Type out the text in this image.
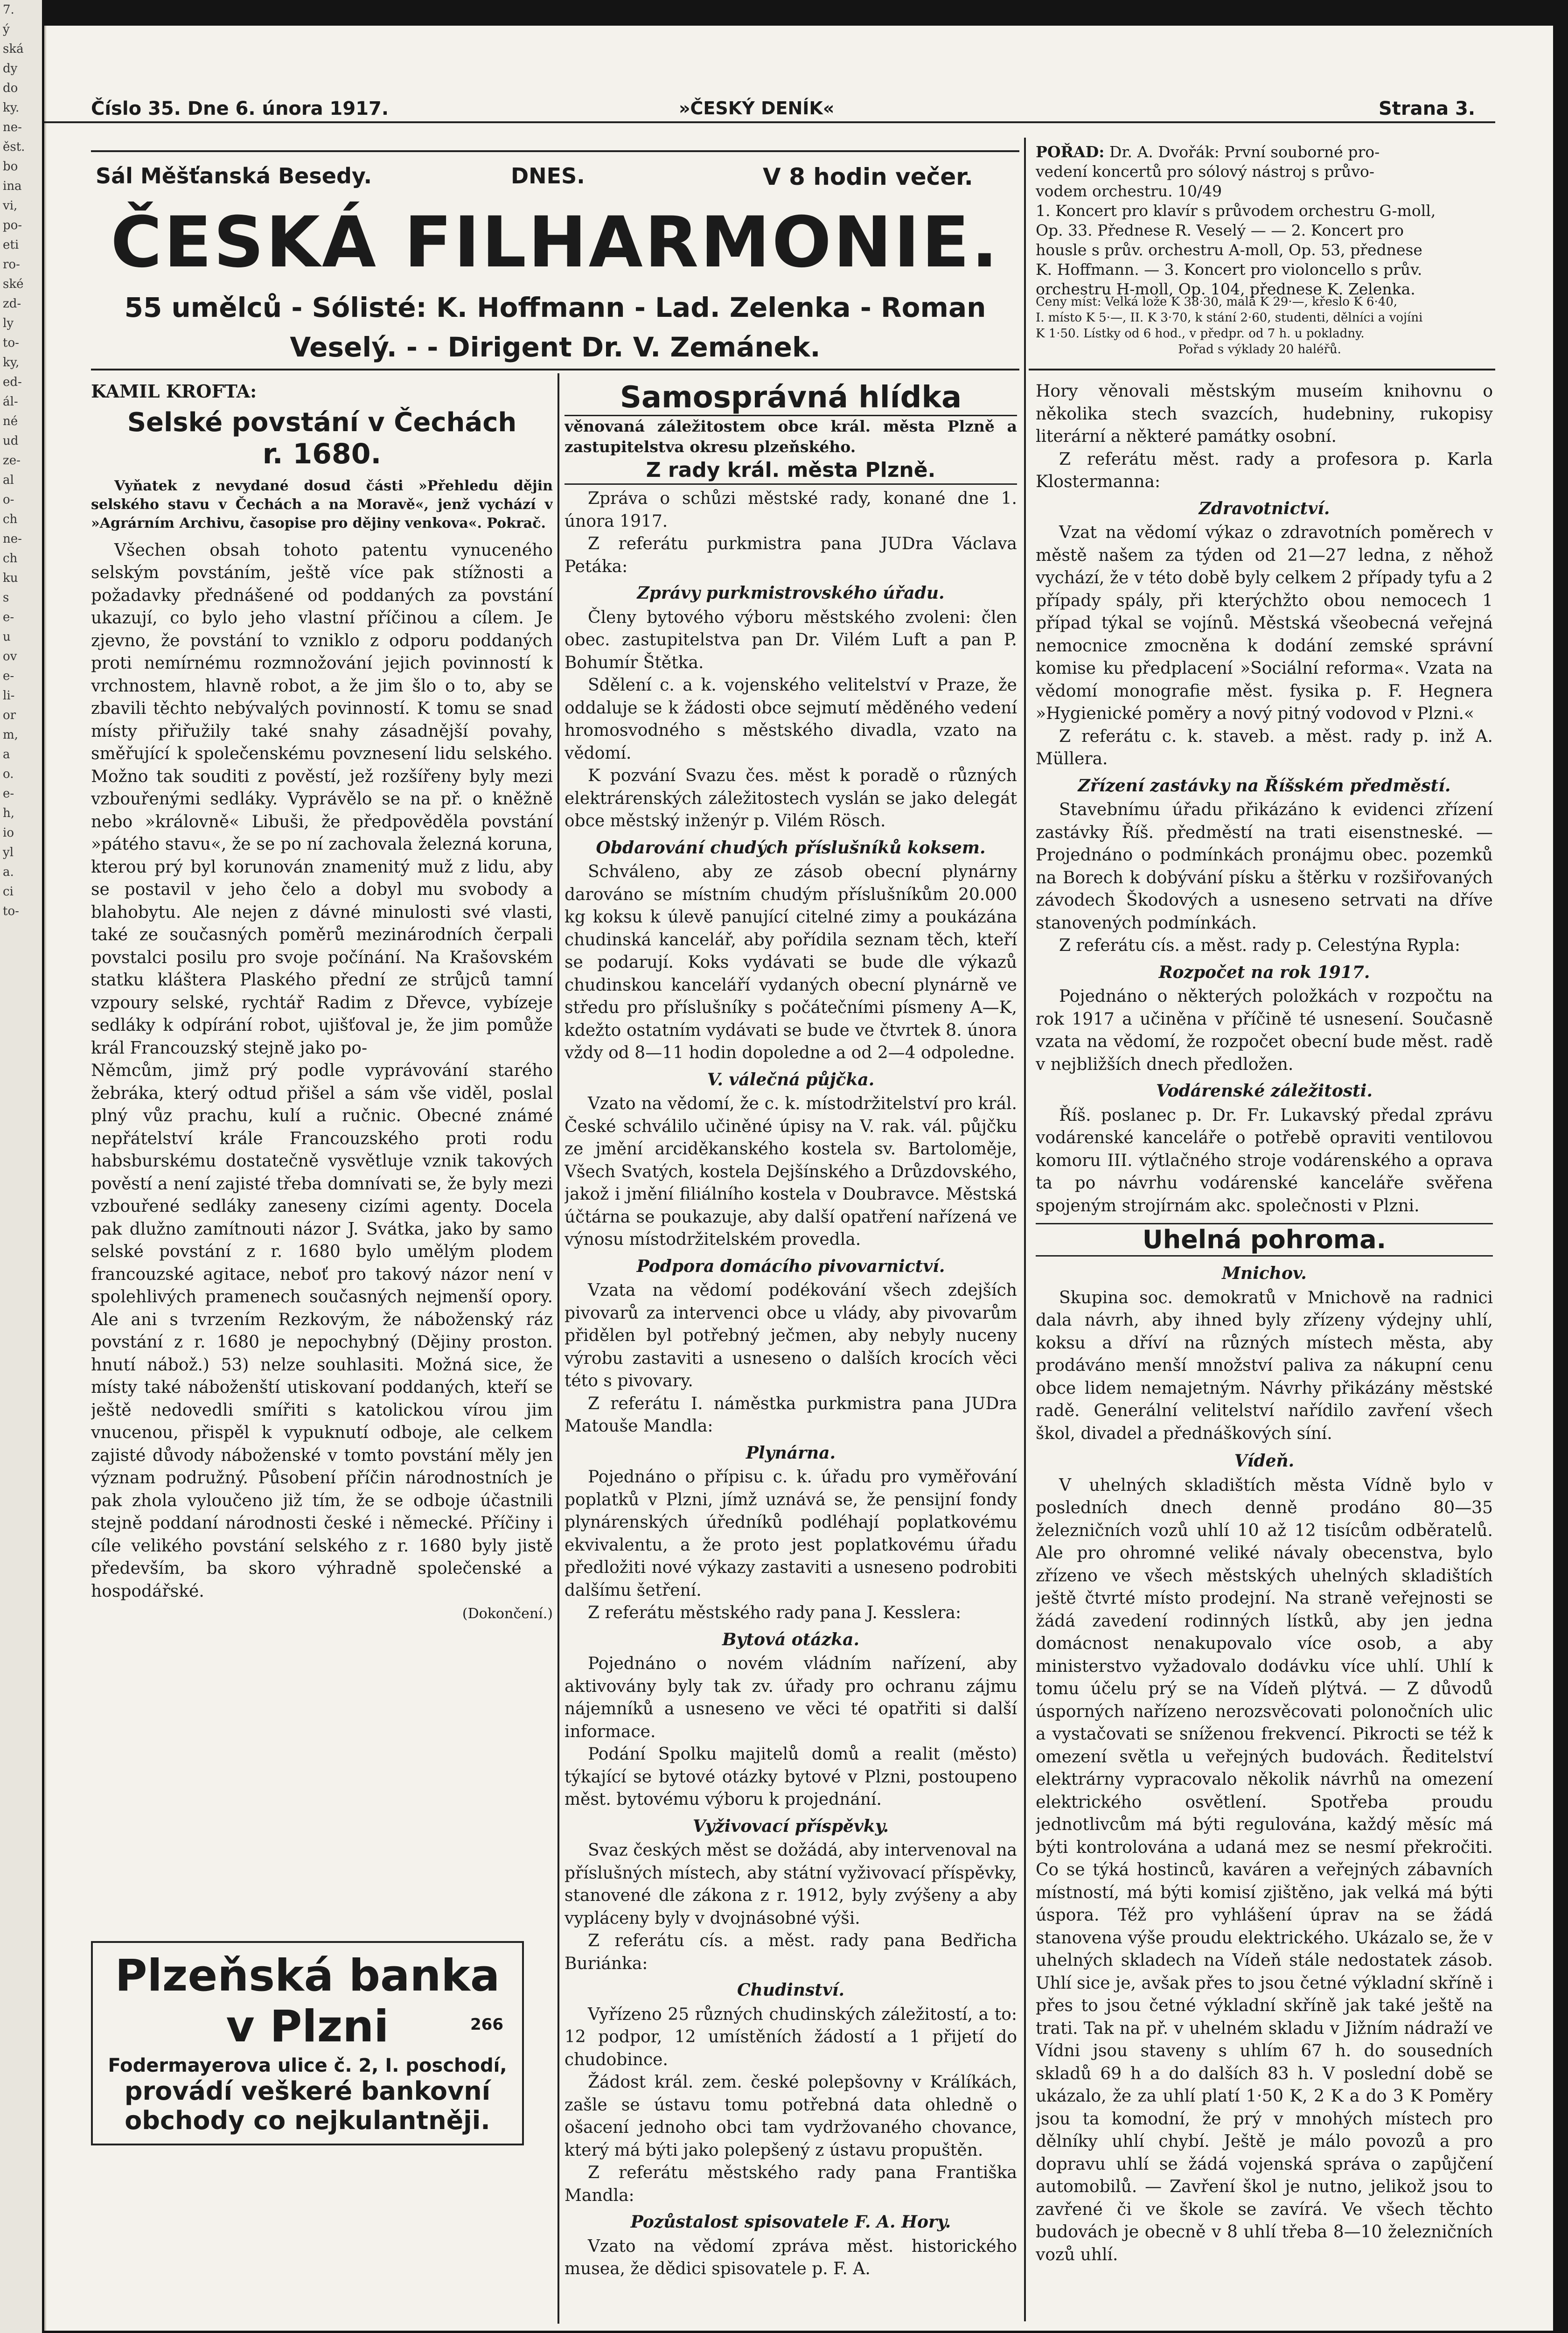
7.
ý
ská
dy
do
ky.
ne-
ěst.
bo
ina
vi,
po-
eti
ro-
ské
zd-
ly
to-
ky,
ed-
ál-
né
ud
ze-
al
o-
ch
ne-
ch
ku
s
e-
u
ov
e-
li-
or
m,
a
o.
e-
h,
io
yl
a.
ci
to-
Číslo 35. Dne 6. února 1917.	»ČESKÝ DENÍK«	Strana 3.
Sál Měšťanská Besedy.	DNES.	V 8 hodin večer.
ČESKÁ FILHARMONIE.
55 umělců - Sólisté: K. Hoffmann - Lad. Zelenka - Roman
Veselý. - - Dirigent Dr. V. Zemánek.
POŘAD: Dr. A. Dvořák: První souborné pro-
vedení koncertů pro sólový nástroj s průvo-
vodem orchestru. 10/49
1. Koncert pro klavír s průvodem orchestru G-moll,
Op. 33. Přednese R. Veselý — — 2. Koncert pro
housle s prův. orchestru A-moll, Op. 53, přednese
K. Hoffmann. — 3. Koncert pro violoncello s prův.
orchestru H-moll, Op. 104, přednese K. Zelenka.
Ceny míst: Velká lože K 38·30, malá K 29·—, křeslo K 6·40,
I. místo K 5·—, II. K 3·70, k stání 2·60, studenti, dělníci a vojíni
K 1·50. Lístky od 6 hod., v předpr. od 7 h. u pokladny.
Pořad s výklady 20 haléřů.
KAMIL KROFTA:
Selské povstání v Čechách
r. 1680.

Vyňatek z nevydané dosud části »Přehledu dějin selského stavu v Čechách a na Moravě«, jenž vychází v »Agrárním Archivu, časopise pro dějiny venkova«. Pokrač.

Všechen obsah tohoto patentu vynuceného selským povstáním, ještě více pak stížnosti a požadavky přednášené od poddaných za povstání ukazují, co bylo jeho vlastní příčinou a cílem. Je zjevno, že povstání to vzniklo z odporu poddaných proti nemírnému rozmnožování jejich povinností k vrchnostem, hlavně robot, a že jim šlo o to, aby se zbavili těchto nebývalých povinností. K tomu se snad místy přiřužily také snahy zásadnější povahy, směřující k společenskému povznesení lidu selského. Možno tak souditi z pověstí, jež rozšířeny byly mezi vzbouřenými sedláky. Vyprávělo se na př. o kněžně nebo »královně« Libuši, že předpověděla povstání »pátého stavu«, že se po ní zachovala železná koruna, kterou prý byl korunován znamenitý muž z lidu, aby se postavil v jeho čelo a dobyl mu svobody a blahobytu. Ale nejen z dávné minulosti své vlasti, také ze současných poměrů mezinárodních čerpali povstalci posilu pro svoje počínání. Na Krašovském statku kláštera Plaského přední ze strůjců tamní vzpoury selské, rychtář Radim z Dřevce, vybízeje sedláky k odpírání robot, ujišťoval je, že jim pomůže král Francouzský stejně jako po-

Němcům, jimž prý podle vyprávování starého žebráka, který odtud přišel a sám vše viděl, poslal plný vůz prachu, kulí a ručnic. Obecné známé nepřátelství krále Francouzského proti rodu habsburskému dostatečně vysvětluje vznik takových pověstí a není zajisté třeba domnívati se, že byly mezi vzbouřené sedláky zaneseny cizími agenty. Docela pak dlužno zamítnouti názor J. Svátka, jako by samo selské povstání z r. 1680 bylo umělým plodem francouzské agitace, neboť pro takový názor není v spolehlivých pramenech současných nejmenší opory. Ale ani s tvrzením Rezkovým, že náboženský ráz povstání z r. 1680 je nepochybný (Dějiny proston. hnutí nábož.) 53) nelze souhlasiti. Možná sice, že místy také náboženští utiskovaní poddaných, kteří se ještě nedovedli smířiti s katolickou vírou jim vnucenou, přispěl k vypuknutí odboje, ale celkem zajisté důvody náboženské v tomto povstání měly jen význam podružný. Působení příčin národnostních je pak zhola vyloučeno již tím, že se odboje účastnili stejně poddaní národnosti české i německé. Příčiny i cíle velikého povstání selského z r. 1680 byly jistě především, ba skoro výhradně společenské a hospodářské.

(Dokončení.)
Plzeňská banka
v Plzni	266
Fodermayerova ulice č. 2, I. poschodí,
provádí veškeré bankovní
obchody co nejkulantněji.
Samosprávná hlídka

věnovaná záležitostem obce král. města Plzně a zastupitelstva okresu plzeňského.

Z rady král. města Plzně.

Zpráva o schůzi městské rady, konané dne 1. února 1917.

Z referátu purkmistra pana JUDra Václava Petáka:

Zprávy purkmistrovského úřadu.

Členy bytového výboru městského zvoleni: člen obec. zastupitelstva pan Dr. Vilém Luft a pan P. Bohumír Štětka.

Sdělení c. a k. vojenského velitelství v Praze, že oddaluje se k žádosti obce sejmutí měděného vedení hromosvodného s městského divadla, vzato na vědomí.

K pozvání Svazu čes. měst k poradě o různých elektrárenských záležitostech vyslán se jako delegát obce městský inženýr p. Vilém Rösch.

Obdarování chudých příslušníků koksem.

Schváleno, aby ze zásob obecní plynárny darováno se místním chudým příslušníkům 20.000 kg koksu k úlevě panující citelné zimy a poukázána chudinská kancelář, aby pořídila seznam těch, kteří se podarují. Koks vydávati se bude dle výkazů chudinskou kanceláří vydaných obecní plynárně ve středu pro příslušníky s počátečními písmeny A—K, kdežto ostatním vydávati se bude ve čtvrtek 8. února vždy od 8—11 hodin dopoledne a od 2—4 odpoledne.

V. válečná půjčka.

Vzato na vědomí, že c. k. místodržitelství pro král. České schválilo učiněné úpisy na V. rak. vál. půjčku ze jmění arciděkanského kostela sv. Bartoloměje, Všech Svatých, kostela Dejšínského a Drůzdovského, jakož i jmění filiálního kostela v Doubravce. Městská účtárna se poukazuje, aby další opatření nařízená ve výnosu místodržitelském provedla.

Podpora domácího pivovarnictví.

Vzata na vědomí podékování všech zdejších pivovarů za intervenci obce u vlády, aby pivovarům přidělen byl potřebný ječmen, aby nebyly nuceny výrobu zastaviti a usneseno o dalších krocích věci této s pivovary.

Z referátu I. náměstka purkmistra pana JUDra Matouše Mandla:

Plynárna.

Pojednáno o přípisu c. k. úřadu pro vyměřování poplatků v Plzni, jímž uznává se, že pensijní fondy plynárenských úředníků podléhají poplatkovému ekvivalentu, a že proto jest poplatkovému úřadu předložiti nové výkazy zastaviti a usneseno podrobiti dalšímu šetření.

Z referátu městského rady pana J. Kesslera:

Bytová otázka.

Pojednáno o novém vládním nařízení, aby aktivovány byly tak zv. úřady pro ochranu zájmu nájemníků a usneseno ve věci té opatřiti si další informace.

Podání Spolku majitelů domů a realit (město) týkající se bytové otázky bytové v Plzni, postoupeno měst. bytovému výboru k projednání.

Vyživovací příspěvky.

Svaz českých měst se dožádá, aby intervenoval na příslušných místech, aby státní vyživovací příspěvky, stanovené dle zákona z r. 1912, byly zvýšeny a aby vypláceny byly v dvojnásobné výši.

Z referátu cís. a měst. rady pana Bedřicha Buriánka:

Chudinství.

Vyřízeno 25 různých chudinských záležitostí, a to: 12 podpor, 12 umístěních žádostí a 1 přijetí do chudobince.

Žádost král. zem. české polepšovny v Králíkách, zašle se ústavu tomu potřebná data ohledně o ošacení jednoho obci tam vydržovaného chovance, který má býti jako polepšený z ústavu propuštěn.

Z referátu městského rady pana Františka Mandla:

Pozůstalost spisovatele F. A. Hory.

Vzato na vědomí zpráva měst. historického musea, že dědici spisovatele p. F. A.

Hory věnovali městským museím knihovnu o několika stech svazcích, hudebniny, rukopisy literární a některé památky osobní.

Z referátu měst. rady a profesora p. Karla Klostermanna:

Zdravotnictví.

Vzat na vědomí výkaz o zdravotních poměrech v městě našem za týden od 21—27 ledna, z něhož vychází, že v této době byly celkem 2 případy tyfu a 2 případy spály, při kterýchžto obou nemocech 1 případ týkal se vojínů. Městská všeobecná veřejná nemocnice zmocněna k dodání zemské správní komise ku předplacení »Sociální reforma«. Vzata na vědomí monografie měst. fysika p. F. Hegnera »Hygienické poměry a nový pitný vodovod v Plzni.«

Z referátu c. k. staveb. a měst. rady p. inž A. Müllera.

Zřízení zastávky na Říšském předměstí.

Stavebnímu úřadu přikázáno k evidenci zřízení zastávky Říš. předměstí na trati eisenstneské. — Projednáno o podmínkách pronájmu obec. pozemků na Borech k dobývání písku a štěrku v rozšiřovaných závodech Škodových a usneseno setrvati na dříve stanovených podmínkách.

Z referátu cís. a měst. rady p. Celestýna Rypla:

Rozpočet na rok 1917.

Pojednáno o některých položkách v rozpočtu na rok 1917 a učiněna v příčině té usnesení. Současně vzata na vědomí, že rozpočet obecní bude měst. radě v nejbližších dnech předložen.

Vodárenské záležitosti.

Říš. poslanec p. Dr. Fr. Lukavský předal zprávu vodárenské kanceláře o potřebě opraviti ventilovou komoru III. výtlačného stroje vodárenského a oprava ta po návrhu vodárenské kanceláře svěřena spojeným strojírnám akc. společnosti v Plzni.

Uhelná pohroma.
Mnichov.

Skupina soc. demokratů v Mnichově na radnici dala návrh, aby ihned byly zřízeny výdejny uhlí, koksu a dříví na různých místech města, aby prodáváno menší množství paliva za nákupní cenu obce lidem nemajetným. Návrhy přikázány městské radě. Generální velitelství nařídilo zavření všech škol, divadel a přednáškových síní.

Vídeň.

V uhelných skladištích města Vídně bylo v posledních dnech denně prodáno 80—35 železničních vozů uhlí 10 až 12 tisícům odběratelů. Ale pro ohromné veliké návaly obecenstva, bylo zřízeno ve všech městských uhelných skladištích ještě čtvrté místo prodejní. Na straně veřejnosti se žádá zavedení rodinných lístků, aby jen jedna domácnost nenakupovalo více osob, a aby ministerstvo vyžadovalo dodávku více uhlí. Uhlí k tomu účelu prý se na Vídeň plýtvá. — Z důvodů úsporných nařízeno nerozsvěcovati polonočních ulic a vystačovati se sníženou frekvencí. Pikrocti se též k omezení světla u veřejných budovách. Ředitelství elektrárny vypracovalo několik návrhů na omezení elektrického osvětlení. Spotřeba proudu jednotlivcům má býti regulována, každý měsíc má býti kontrolována a udaná mez se nesmí překročiti. Co se týká hostinců, kaváren a veřejných zábavních místností, má býti komisí zjištěno, jak velká má býti úspora. Též pro vyhlášení úprav na se žádá stanovena výše proudu elektrického. Ukázalo se, že v uhelných skladech na Vídeň stále nedostatek zásob. Uhlí sice je, avšak přes to jsou četné výkladní skříně i přes to jsou četné výkladní skříně jak také ještě na trati. Tak na př. v uhelném skladu v Jižním nádraží ve Vídni jsou staveny s uhlím 67 h. do sousedních skladů 69 h a do dalších 83 h. V poslední době se ukázalo, že za uhlí platí 1·50 K, 2 K a do 3 K Poměry jsou ta komodní, že prý v mnohých místech pro dělníky uhlí chybí. Ještě je málo povozů a pro dopravu uhlí se žádá vojenská správa o zapůjčení automobilů. — Zavření škol je nutno, jelikož jsou to zavřené či ve škole se zavírá. Ve všech těchto budovách je obecně v 8 uhlí třeba 8—10 železničních vozů uhlí.
